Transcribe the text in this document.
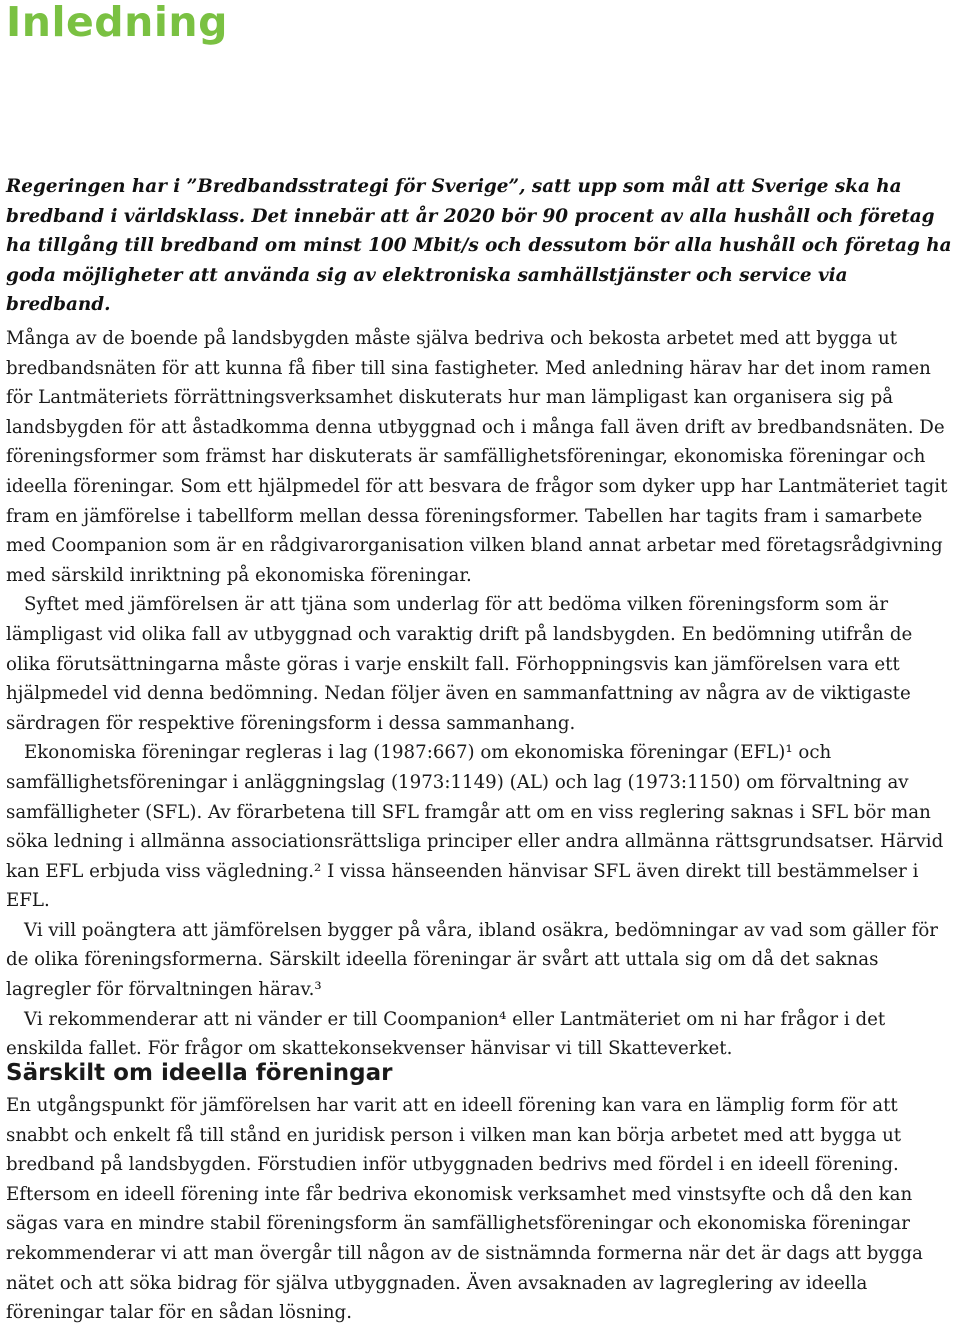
Inledning

Regeringen har i ”Bredbandsstrategi för Sverige”, satt upp som mål att Sverige ska ha bredband i världsklass. Det innebär att år 2020 bör 90 procent av alla hushåll och företag ha tillgång till bredband om minst 100 Mbit/s och dessutom bör alla hushåll och företag ha goda möjligheter att använda sig av elektroniska samhällstjänster och service via bredband.

Många av de boende på landsbygden måste själva bedriva och bekosta arbetet med att bygga ut bredbandsnäten för att kunna få fiber till sina fastigheter. Med anledning härav har det inom ramen för Lantmäteriets förrättningsverksamhet diskuterats hur man lämpligast kan organisera sig på landsbygden för att åstadkomma denna utbyggnad och i många fall även drift av bredbandsnäten. De föreningsformer som främst har diskuterats är samfällighetsföreningar, ekonomiska föreningar och ideella föreningar. Som ett hjälpmedel för att besvara de frågor som dyker upp har Lantmäteriet tagit fram en jämförelse i tabellform mellan dessa föreningsformer. Tabellen har tagits fram i samarbete med Coompanion som är en rådgivarorganisation vilken bland annat arbetar med företagsrådgivning med särskild inriktning på ekonomiska föreningar.

Syftet med jämförelsen är att tjäna som underlag för att bedöma vilken föreningsform som är lämpligast vid olika fall av utbyggnad och varaktig drift på landsbygden. En bedömning utifrån de olika förutsättningarna måste göras i varje enskilt fall. Förhoppningsvis kan jämförelsen vara ett hjälpmedel vid denna bedömning. Nedan följer även en sammanfattning av några av de viktigaste särdragen för respektive föreningsform i dessa sammanhang.

Ekonomiska föreningar regleras i lag (1987:667) om ekonomiska föreningar (EFL)¹ och samfällighetsföreningar i anläggningslag (1973:1149) (AL) och lag (1973:1150) om förvaltning av samfälligheter (SFL). Av förarbetena till SFL framgår att om en viss reglering saknas i SFL bör man söka ledning i allmänna associationsrättsliga principer eller andra allmänna rättsgrundsatser. Härvid kan EFL erbjuda viss vägledning.² I vissa hänseenden hänvisar SFL även direkt till bestämmelser i EFL.

Vi vill poängtera att jämförelsen bygger på våra, ibland osäkra, bedömningar av vad som gäller för de olika föreningsformerna. Särskilt ideella föreningar är svårt att uttala sig om då det saknas lagregler för förvaltningen härav.³

Vi rekommenderar att ni vänder er till Coompanion⁴ eller Lantmäteriet om ni har frågor i det enskilda fallet. För frågor om skattekonsekvenser hänvisar vi till Skatteverket.

Särskilt om ideella föreningar

En utgångspunkt för jämförelsen har varit att en ideell förening kan vara en lämplig form för att snabbt och enkelt få till stånd en juridisk person i vilken man kan börja arbetet med att bygga ut bredband på landsbygden. Förstudien inför utbyggnaden bedrivs med fördel i en ideell förening. Eftersom en ideell förening inte får bedriva ekonomisk verksamhet med vinstsyfte och då den kan sägas vara en mindre stabil föreningsform än samfällighetsföreningar och ekonomiska föreningar rekommenderar vi att man övergår till någon av de sistnämnda formerna när det är dags att bygga nätet och att söka bidrag för själva utbyggnaden. Även avsaknaden av lagreglering av ideella föreningar talar för en sådan lösning.
